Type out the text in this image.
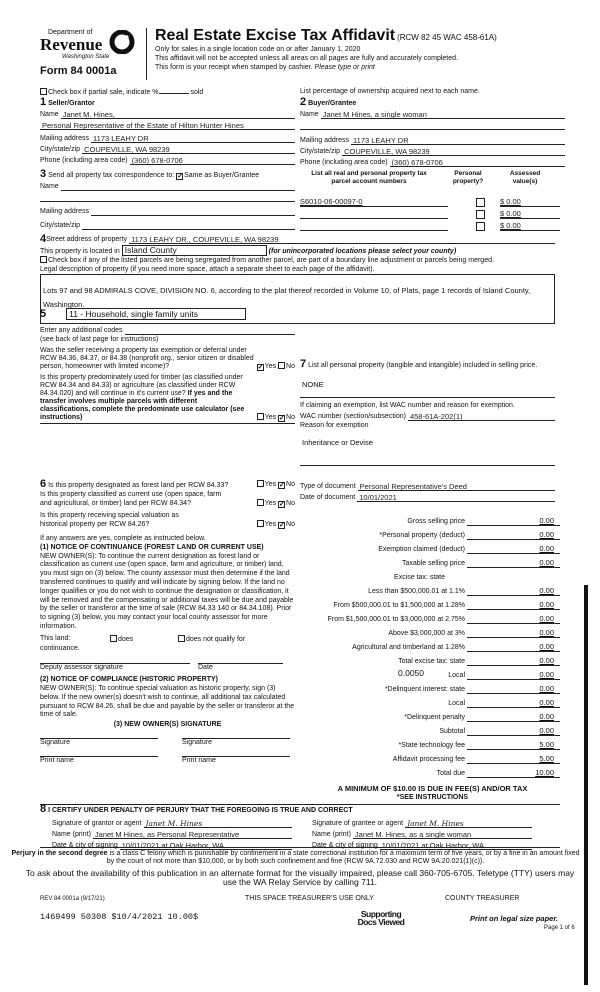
Department of
Revenue
Washington State
Form 84 0001a
Real Estate Excise Tax Affidavit (RCW 82 45 WAC 458-61A)
Only for sales in a single location code on or after January 1, 2020
This affidavit will not be accepted unless all areas on all pages are fully and accurately completed.
This form is your receipt when stamped by cashier. Please type or print
Check box if partial sale, indicate %	sold	List percentage of ownership acquired next to each name.
1 Seller/Grantor
Name Janet M. Hines,
Personal Representative of the Estate of Hilton Hunter Hines
Mailing address 1173 LEAHY DR
City/state/zip COUPEVILLE, WA 98239
Phone (including area code) (360) 678-0706
2 Buyer/Grantee
Name Janet M Hines, a single woman
Mailing address 1173 LEAHY DR
City/state/zip COUPEVILLE, WA 98239
Phone (including area code) (360) 678-0706
3 Send all property tax correspondence to: ✓Same as Buyer/Grantee
Name
Mailing address
City/state/zip
List all real and personal property tax parcel account numbers
Personal property?
Assessed value(s)
S6010-06-00097-0	$ 0.00
$ 0.00
$ 0.00
4 Street address of property 1173 LEAHY DR., COUPEVILLE, WA 98239
This property is located in Island County	(for unincorporated locations please select your county)
Check box if any of the listed parcels are being segregated from another parcel, are part of a boundary line adjustment or parcels being merged.
Legal description of property (if you need more space, attach a separate sheet to each page of the affidavit).
Lots 97 and 98 ADMIRALS COVE, DIVISION NO. 6, according to the plat thereof recorded in Volume 10, of Plats, page 1 records of Island County, Washington.
5	11 - Household, single family units
Enter any additional codes
(see back of last page for instructions)
Was the seller receiving a property tax exemption or deferral under RCW 84.36, 84.37, or 84.38 (nonprofit org., senior citizen or disabled person, homeowner with limited income)?	✓Yes No
Is this property predominately used for timber (as classified under RCW 84.34 and 84.33) or agriculture (as classified under RCW 84.34.020) and will continue in it's current use? If yes and the transfer involves multiple parcels with different classifications, complete the predominate use calculator (see instructions)	Yes ✓No
6 Is this property designated as forest land per RCW 84.33?	Yes ✓No
Is this property classified as current use (open space, farm and agricultural, or timber) land per RCW 84.34?	Yes ✓No
Is this property receiving special valuation as historical property per RCW 84.26?	Yes ✓No
If any answers are yes, complete as instructed below.
(1) NOTICE OF CONTINUANCE (FOREST LAND OR CURRENT USE)
NEW OWNER(S): To continue the current designation as forest land or classification as current use (open space, farm and agriculture, or timber) land, you must sign on (3) below. The county assessor must then determine if the land transferred continues to qualify and will indicate by signing below. If the land no longer qualifies or you do not wish to continue the designation or classification, it will be removed and the compensating or additional taxes will be due and payable by the seller or transferor at the time of sale (RCW 84.33 140 or 84.34.108). Prior to signing (3) below, you may contact your local county assessor for more information.
This land:	does	does not qualify for
continuance.
Deputy assessor signature	Date
(2) NOTICE OF COMPLIANCE (HISTORIC PROPERTY)
NEW OWNER(S): To continue special valuation as historic property, sign (3) below. If the new owner(s) doesn't wish to continue, all additional tax calculated pursuant to RCW 84.26, shall be due and payable by the seller or transferor at the time of sale.
(3) NEW OWNER(S) SIGNATURE
Signature	Signature
Print name	Print name
7 List all personal property (tangible and intangible) included in selling price.
NONE
If claiming an exemption, list WAC number and reason for exemption.
WAC number (section/subsection) 458-61A-202(1)
Reason for exemption
Inheritance or Devise
Type of document Personal Representative's Deed
Date of document 10/01/2021
Gross selling price	0.00
*Personal property (deduct)	0.00
Exemption claimed (deduct)	0.00
Taxable selling price	0.00
Excise tax: state
Less than $500,000.01 at 1.1%	0.00
From $500,000.01 to $1,500,000 at 1.28%	0.00
From $1,500,000.01 to $3,000,000 at 2.75%	0.00
Above $3,000,000 at 3%	0.00
Agricultural and timberland at 1.28%	0.00
Total excise tax: state	0.00
Local	0.00
0.0050
*Delinquent interest: state	0.00
Local	0.00
*Delinquent penalty	0.00
Subtotal	0.00
*State technology fee	5.00
Affidavit processing fee	5.00
Total due	10.00
A MINIMUM OF $10.00 IS DUE IN FEE(S) AND/OR TAX
*SEE INSTRUCTIONS
8 I CERTIFY UNDER PENALTY OF PERJURY THAT THE FOREGOING IS TRUE AND CORRECT
Signature of grantor or agent Janet M. Hines
Name (print) Janet M Hines, as Personal Representative
Date & city of signing 10/01/2021 at Oak Harbor, WA
Signature of grantee or agent Janet M. Hines
Name (print) Janet M. Hines, as a single woman
Date & city of signing 10/01/2021 at Oak Harbor, WA
Perjury in the second degree is a class C felony which is punishable by confinement in a state correctional institution for a maximum term of five years, or by a fine in an amount fixed by the court of not more than $10,000, or by both such confinement and fine (RCW 9A.72.030 and RCW 9A.20.021(1)(c)).
To ask about the availability of this publication in an alternate format for the visually impaired, please call 360-705-6705. Teletype (TTY) users may use the WA Relay Service by calling 711.
REV 84 0001a (9/17/21)	THIS SPACE TREASURER'S USE ONLY	COUNTY TREASURER
1469499 50308 $10/4/2021 10.00$	Supporting Docs Viewed	Print on legal size paper.
Page 1 of 6
